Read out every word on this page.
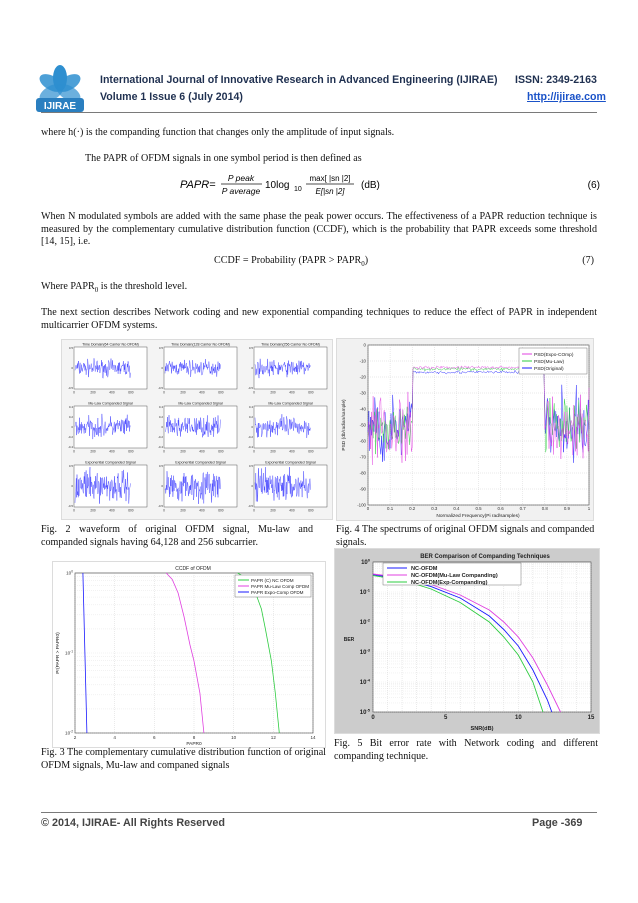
IJIRAE
International Journal of Innovative Research in Advanced Engineering (IJIRAE)
Volume 1 Issue 6 (July 2014)
ISSN: 2349-2163
http://ijirae.com
where h(·) is the companding function that changes only the amplitude of input signals.
The PAPR of OFDM signals in one symbol period is then defined as
PAPR=
P peak
P average 10log 10
max[ |sn |2]
E[|sn |2]
(dB)	(6)
When N modulated symbols are added with the same phase the peak power occurs. The effectiveness of a PAPR reduction technique is measured by the complementary cumulative distribution function (CCDF), which is the probability that PAPR exceeds some threshold [14, 15], i.e.
CCDF = Probability (PAPR > $PAPR_0$)	(7)
Where $PAPR_0$ is the threshold level.
The next section describes Network coding and new exponential companding techniques to reduce the effect of PAPR in independent multicarrier OFDM systems.
Time Domain(64 Carrier Nc-OFDM)
0	200	400	600
0.5
0
-0.5
Time Domain(128 Carrier Nc-OFDM)
0	200	400	600
0.5
0
-0.5
Time Domain(256 Carrier Nc-OFDM)
0	200	400	600
0.5
0
-0.5
Mu-Law Companded Signal
0	200	400	600
0.4
0.2
0
-0.2
-0.4
Mu-Law Companded Signal
0	200	400	600
0.4
0.2
0
-0.2
-0.4
Mu-Law Companded Signal
0	200	400	600
0.4
0.2
0
-0.2
-0.4
Exponential Companded Signal
0	200	400	600
0.5
0
-0.5
Exponential Companded Signal
0	200	400	600
0.5
0
-0.5
Exponential Companded Signal
0	200	400	600
0.5
0
-0.5
0
-10
-20
-30
-40
-50
-60
-70
-80
-90
-100
0	0.1	0.2	0.3	0.4	0.5	0.6	0.7	0.8	0.9	1
PSD(Expo-COmp)
PSD(Mu-Law)
PSD(Original)
PSD (db/radian/sample)
Normalized Frequency(Pi rad/samples)
CCDF of OFDM
2	4	6	8	10	12	14
$10^0$
$10^{-1}$
$10^{-2}$
PAPR (C) NC OFDM
PAPR Mu-Law Comp OFDM
PAPR Expo-Comp OFDM
Pr(PAPR > PAPR0)
PAPR0
BER Comparison of Companding Techniques
0	5	10	15
$10^0$
$10^{-1}$
$10^{-2}$
$10^{-3}$
$10^{-4}$
$10^{-5}$
NC-OFDM
NC-OFDM(Mu-Law Companding)
NC-OFDM(Exp-Companding)
BER
SNR(dB)
Fig. 2 waveform of original OFDM signal, Mu-law and companded signals having 64,128 and 256 subcarrier.
Fig. 4 The spectrums of original OFDM signals and companded signals.
Fig. 3 The complementary cumulative distribution function of original OFDM signals, Mu-law and companed signals
Fig. 5 Bit error rate with Network coding and different companding technique.
© 2014, IJIRAE- All Rights Reserved	Page -369
